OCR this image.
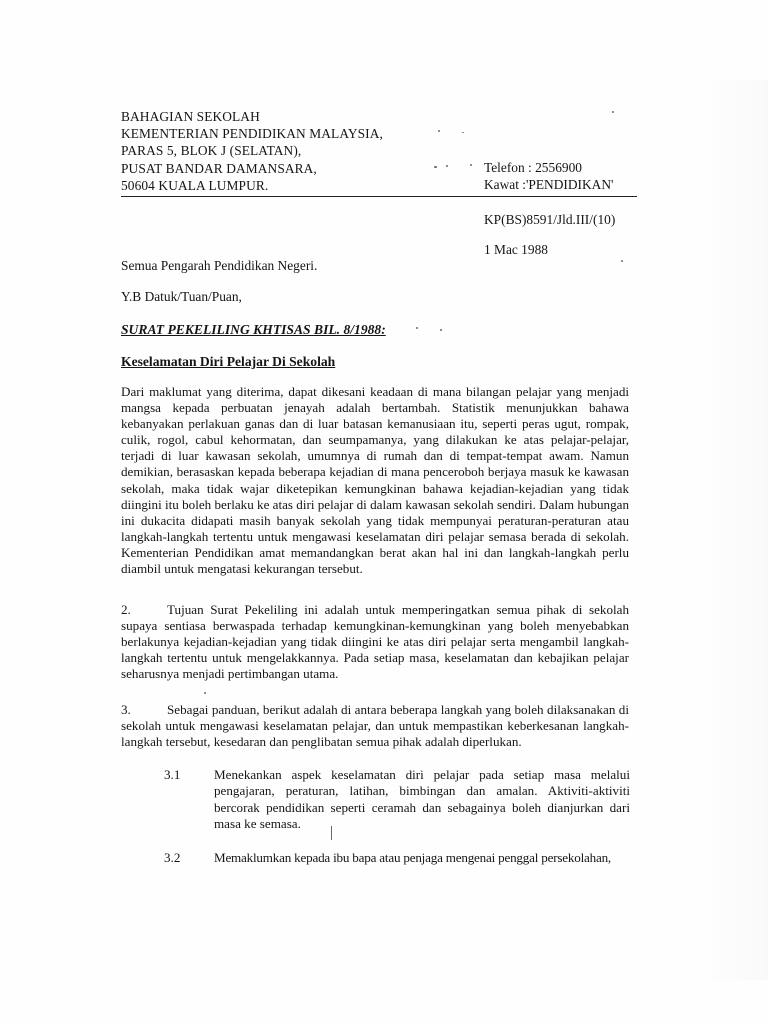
BAHAGIAN SEKOLAH
KEMENTERIAN PENDIDIKAN MALAYSIA,
PARAS 5, BLOK J (SELATAN),
PUSAT BANDAR DAMANSARA,
50604 KUALA LUMPUR.
Telefon : 2556900
Kawat :'PENDIDIKAN'
KP(BS)8591/Jld.III/(10)
1 Mac 1988
Semua Pengarah Pendidikan Negeri.
Y.B Datuk/Tuan/Puan,
SURAT PEKELILING KHTISAS BIL. 8/1988:
Keselamatan Diri Pelajar Di Sekolah
Dari maklumat yang diterima, dapat dikesani keadaan di mana bilangan pelajar yang menjadi mangsa kepada perbuatan jenayah adalah bertambah. Statistik menunjukkan bahawa kebanyakan perlakuan ganas dan di luar batasan kemanusiaan itu, seperti peras ugut, rompak, culik, rogol, cabul kehormatan, dan seumpamanya, yang dilakukan ke atas pelajar-pelajar, terjadi di luar kawasan sekolah, umumnya di rumah dan di tempat-tempat awam. Namun demikian, berasaskan kepada beberapa kejadian di mana penceroboh berjaya masuk ke kawasan sekolah, maka tidak wajar diketepikan kemungkinan bahawa kejadian-kejadian yang tidak diingini itu boleh berlaku ke atas diri pelajar di dalam kawasan sekolah sendiri. Dalam hubungan ini dukacita didapati masih banyak sekolah yang tidak mempunyai peraturan-peraturan atau langkah-langkah tertentu untuk mengawasi keselamatan diri pelajar semasa berada di sekolah. Kementerian Pendidikan amat memandangkan berat akan hal ini dan langkah-langkah perlu diambil untuk mengatasi kekurangan tersebut.
2.	Tujuan Surat Pekeliling ini adalah untuk memperingatkan semua pihak di sekolah supaya sentiasa berwaspada terhadap kemungkinan-kemungkinan yang boleh menyebabkan berlakunya kejadian-kejadian yang tidak diingini ke atas diri pelajar serta mengambil langkah-langkah tertentu untuk mengelakkannya. Pada setiap masa, keselamatan dan kebajikan pelajar seharusnya menjadi pertimbangan utama.
3.	Sebagai panduan, berikut adalah di antara beberapa langkah yang boleh dilaksanakan di sekolah untuk mengawasi keselamatan pelajar, dan untuk mempastikan keberkesanan langkah-langkah tersebut, kesedaran dan penglibatan semua pihak adalah diperlukan.
3.1	Menekankan aspek keselamatan diri pelajar pada setiap masa melalui pengajaran, peraturan, latihan, bimbingan dan amalan. Aktiviti-aktiviti bercorak pendidikan seperti ceramah dan sebagainya boleh dianjurkan dari masa ke semasa.
3.2	Memaklumkan kepada ibu bapa atau penjaga mengenai penggal persekolahan,
